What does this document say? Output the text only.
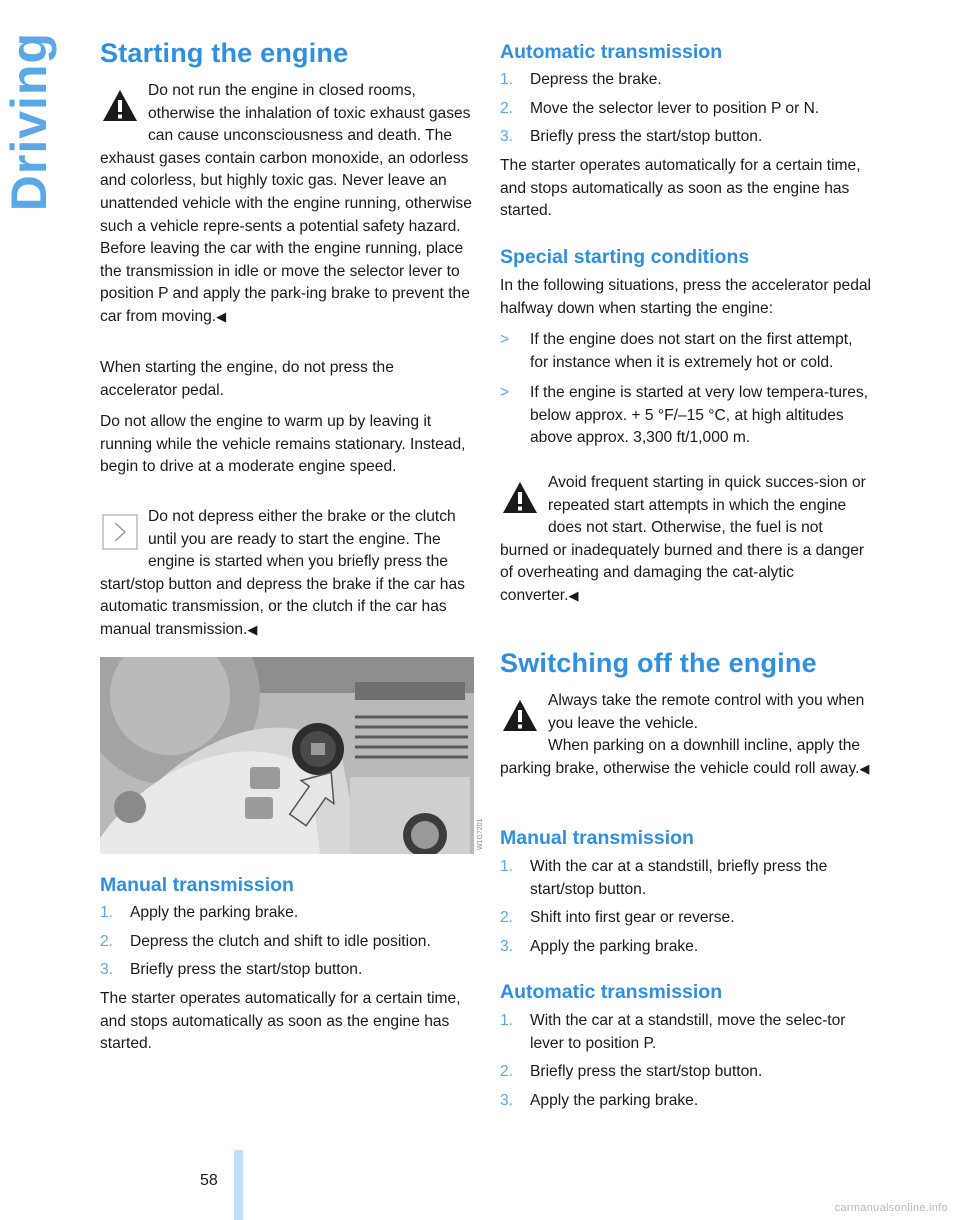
Driving Starting the engine
Do not run the engine in closed rooms, otherwise the inhalation of toxic exhaust gases can cause unconsciousness and death. The exhaust gases contain carbon monoxide, an odorless and colorless, but highly toxic gas. Never leave an unattended vehicle with the engine running, otherwise such a vehicle repre-sents a potential safety hazard.
Before leaving the car with the engine running, place the transmission in idle or move the selector lever to position P and apply the park-ing brake to prevent the car from moving.◀

When starting the engine, do not press the accelerator pedal.

Do not allow the engine to warm up by leaving it running while the vehicle remains stationary. Instead, begin to drive at a moderate engine speed.

Do not depress either the brake or the clutch until you are ready to start the engine. The engine is started when you briefly press the start/stop button and depress the brake if the car has automatic transmission, or the clutch if the car has manual transmission.◀
Manual transmission
1. Apply the parking brake.
2. Depress the clutch and shift to idle position.
3. Briefly press the start/stop button.

The starter operates automatically for a certain time, and stops automatically as soon as the engine has started.

Automatic transmission
1. Depress the brake.
2. Move the selector lever to position P or N.
3. Briefly press the start/stop button.

The starter operates automatically for a certain time, and stops automatically as soon as the engine has started.

Special starting conditions

In the following situations, press the accelerator pedal halfway down when starting the engine:

> If the engine does not start on the first attempt, for instance when it is extremely hot or cold.
> If the engine is started at very low tempera-tures, below approx. + 5 °F/–15 °C, at high altitudes above approx. 3,300 ft/1,000 m.
Avoid frequent starting in quick succes-sion or repeated start attempts in which the engine does not start. Otherwise, the fuel is not burned or inadequately burned and there is a danger of overheating and damaging the cat-alytic converter.◀
Switching off the engine
Always take the remote control with you when you leave the vehicle.
When parking on a downhill incline, apply the parking brake, otherwise the vehicle could roll away.◀
Manual transmission
1. With the car at a standstill, briefly press the start/stop button.
2. Shift into first gear or reverse.
3. Apply the parking brake.
Automatic transmission
1. With the car at a standstill, move the selec-tor lever to position P.
2. Briefly press the start/stop button.
3. Apply the parking brake.
W1G7201
58
carmanualsonline.info
